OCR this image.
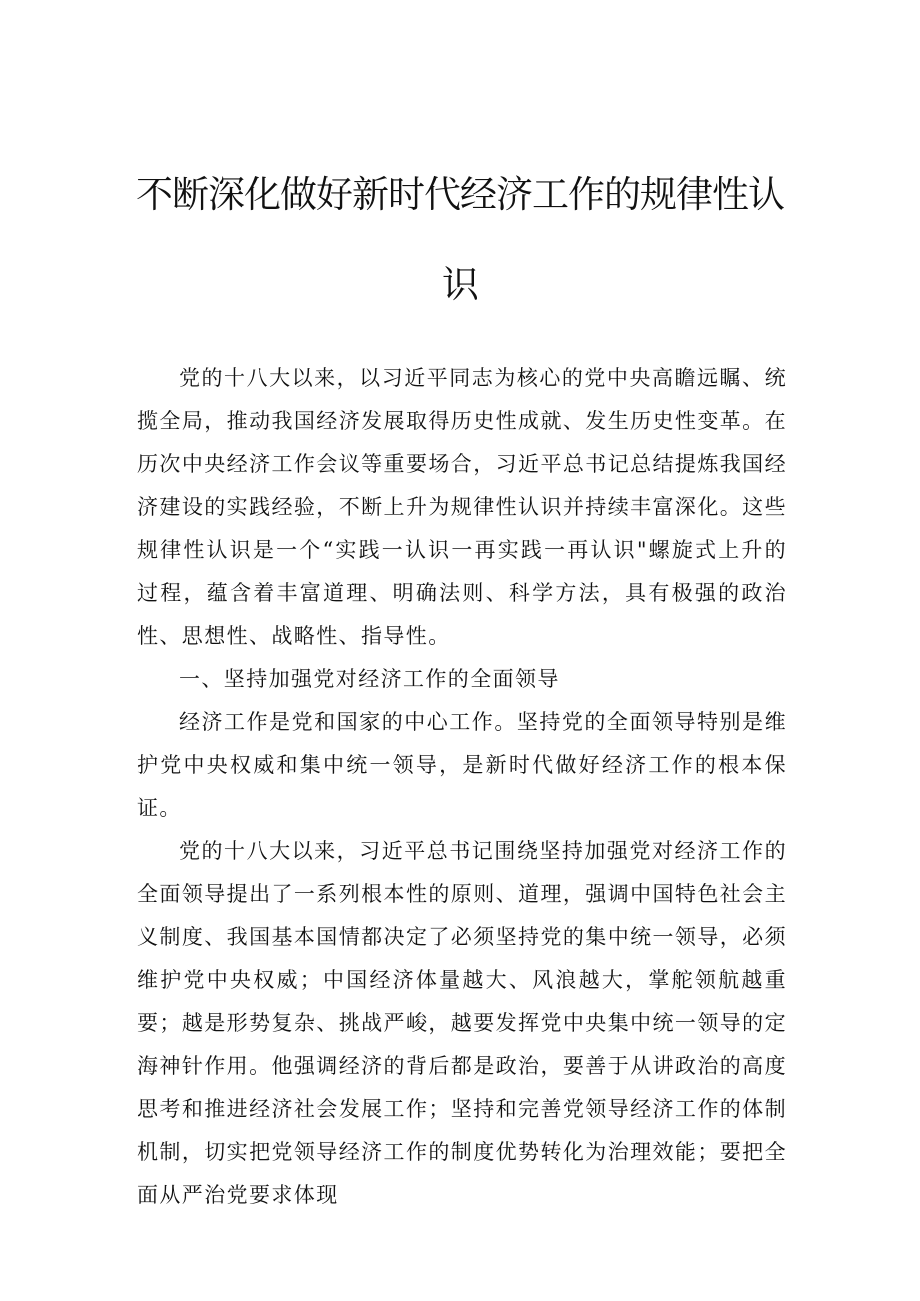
不断深化做好新时代经济工作的规律性认识

党的十八大以来，以习近平同志为核心的党中央高瞻远瞩、统揽全局，推动我国经济发展取得历史性成就、发生历史性变革。在历次中央经济工作会议等重要场合，习近平总书记总结提炼我国经济建设的实践经验，不断上升为规律性认识并持续丰富深化。这些规律性认识是一个“实践一认识一再实践一再认识"螺旋式上升的过程，蕴含着丰富道理、明确法则、科学方法，具有极强的政治性、思想性、战略性、指导性。

一、坚持加强党对经济工作的全面领导

经济工作是党和国家的中心工作。坚持党的全面领导特别是维护党中央权威和集中统一领导，是新时代做好经济工作的根本保证。

党的十八大以来，习近平总书记围绕坚持加强党对经济工作的全面领导提出了一系列根本性的原则、道理，强调中国特色社会主义制度、我国基本国情都决定了必须坚持党的集中统一领导，必须维护党中央权威；中国经济体量越大、风浪越大，掌舵领航越重要；越是形势复杂、挑战严峻，越要发挥党中央集中统一领导的定海神针作用。他强调经济的背后都是政治，要善于从讲政治的高度思考和推进经济社会发展工作；坚持和完善党领导经济工作的体制机制，切实把党领导经济工作的制度优势转化为治理效能；要把全面从严治党要求体现
